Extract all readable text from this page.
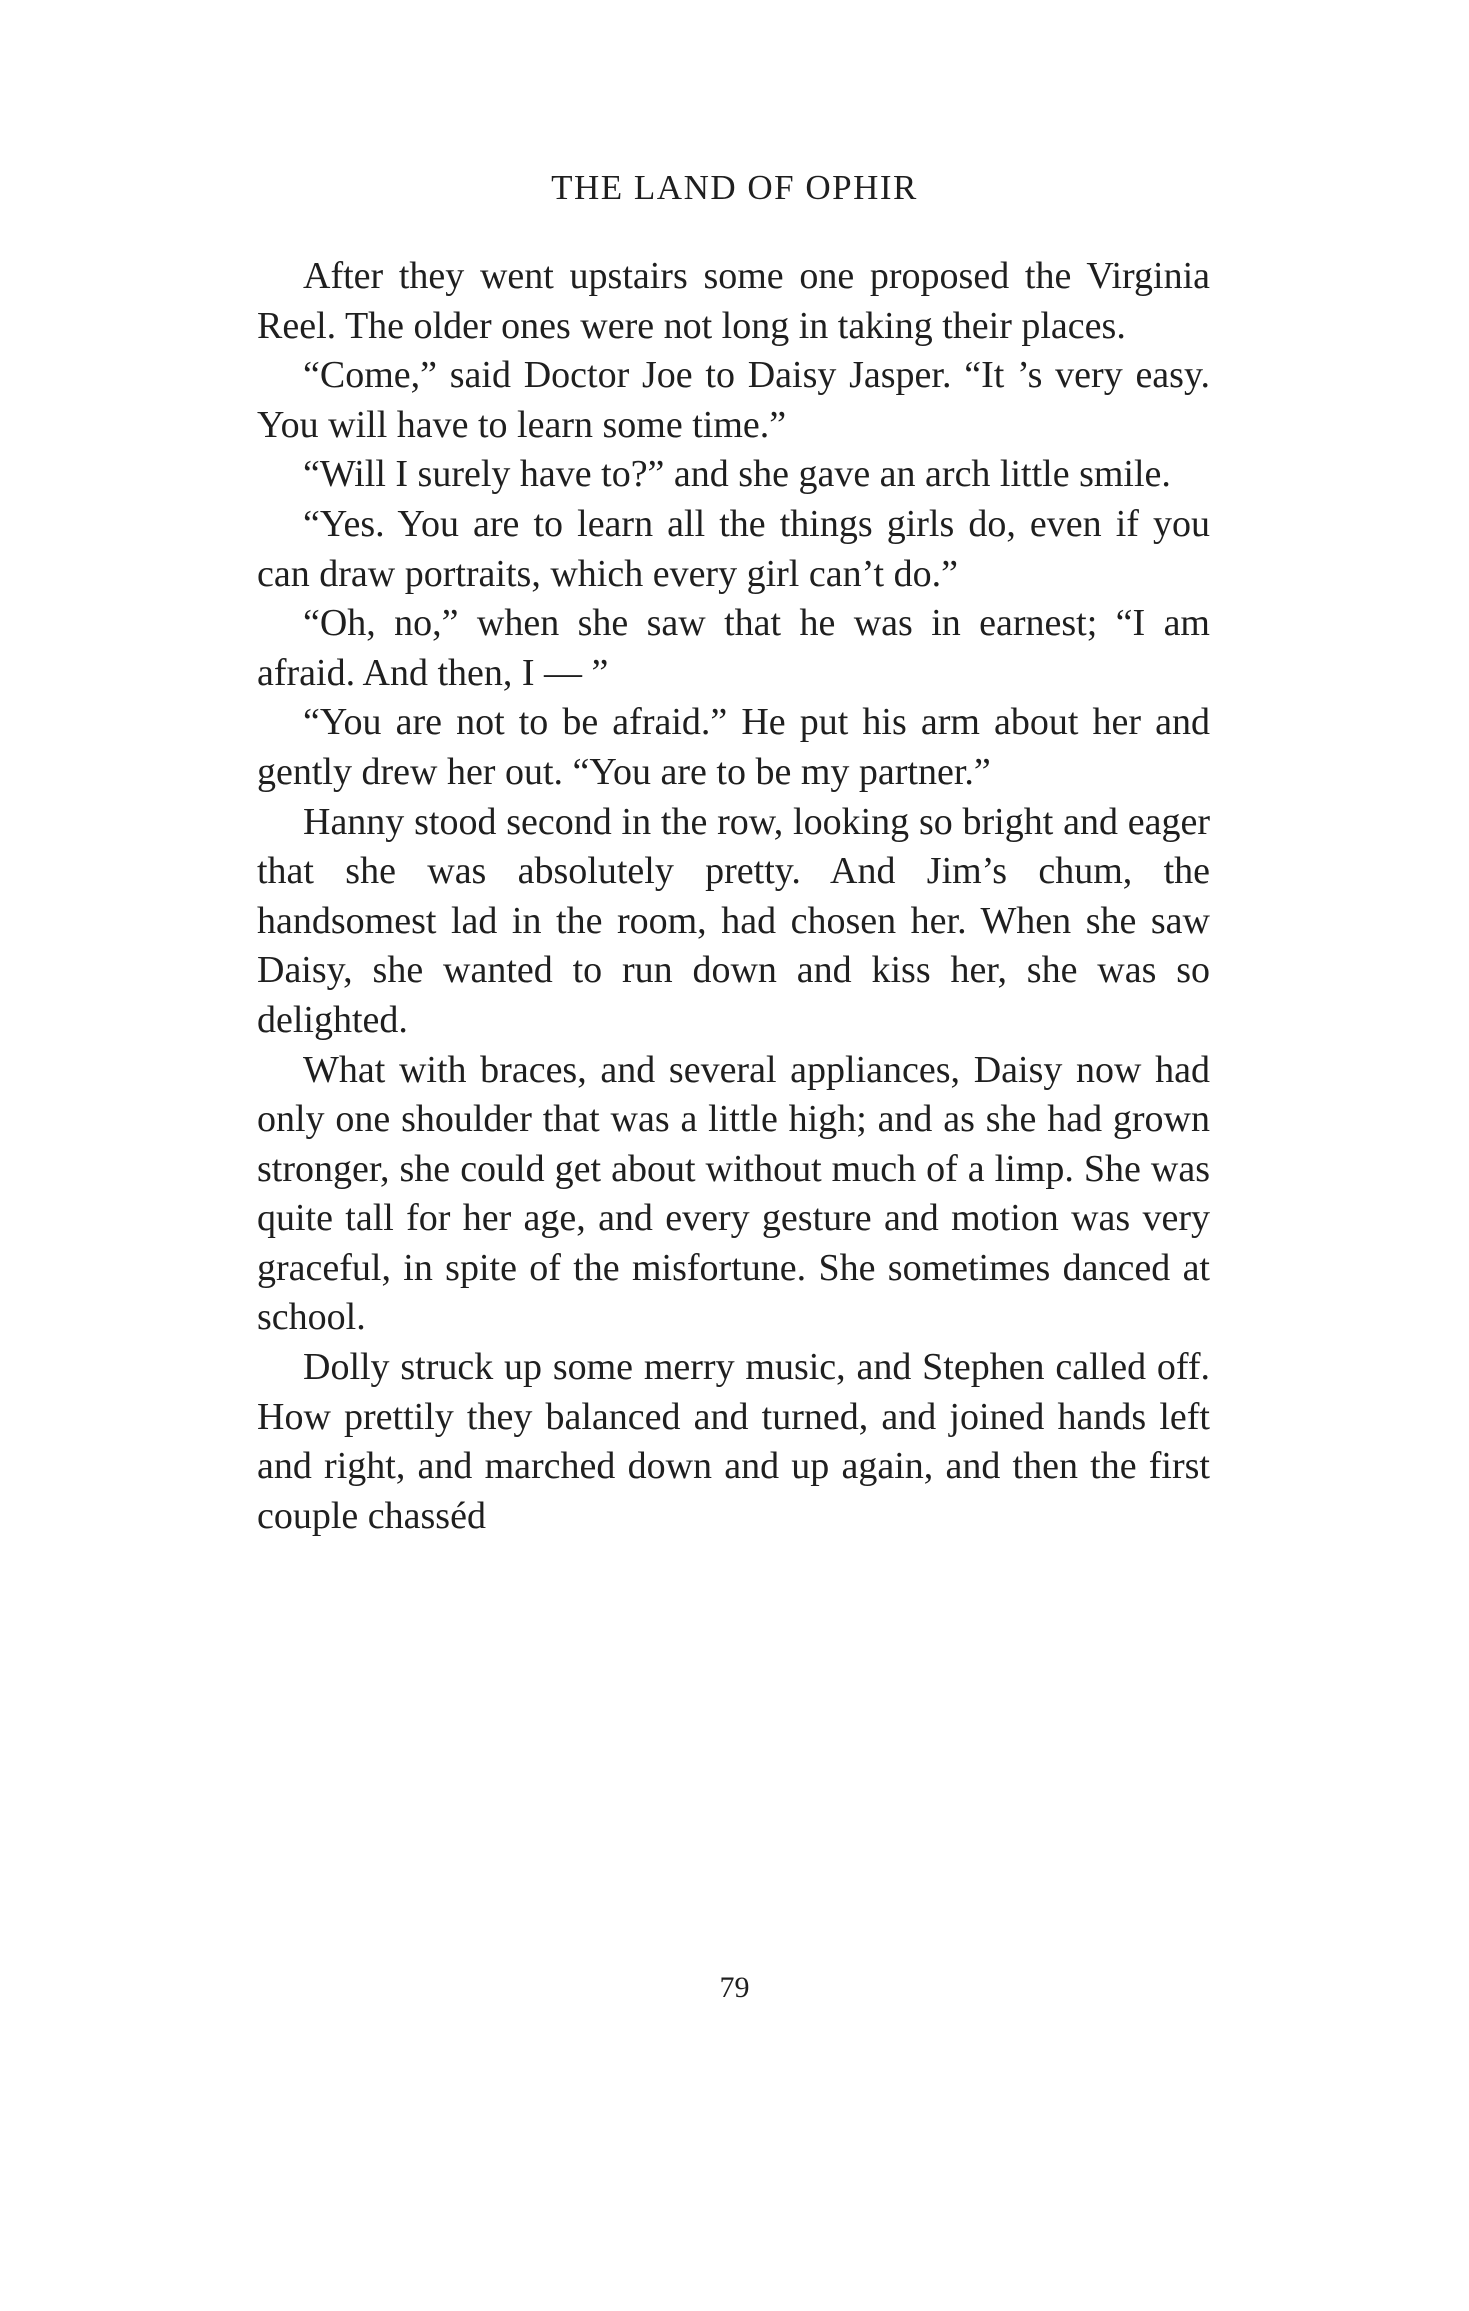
THE LAND OF OPHIR

After they went upstairs some one proposed the Virginia Reel. The older ones were not long in taking their places.

“Come,” said Doctor Joe to Daisy Jasper. “It ’s very easy. You will have to learn some time.”

“Will I surely have to?” and she gave an arch little smile.

“Yes. You are to learn all the things girls do, even if you can draw portraits, which every girl can’t do.”

“Oh, no,” when she saw that he was in earnest; “I am afraid. And then, I — ”

“You are not to be afraid.” He put his arm about her and gently drew her out. “You are to be my partner.”

Hanny stood second in the row, looking so bright and eager that she was absolutely pretty. And Jim’s chum, the handsomest lad in the room, had chosen her. When she saw Daisy, she wanted to run down and kiss her, she was so delighted.

What with braces, and several appliances, Daisy now had only one shoulder that was a little high; and as she had grown stronger, she could get about without much of a limp. She was quite tall for her age, and every gesture and motion was very graceful, in spite of the misfortune. She sometimes danced at school.

Dolly struck up some merry music, and Stephen called off. How prettily they balanced and turned, and joined hands left and right, and marched down and up again, and then the first couple chasséd

79
